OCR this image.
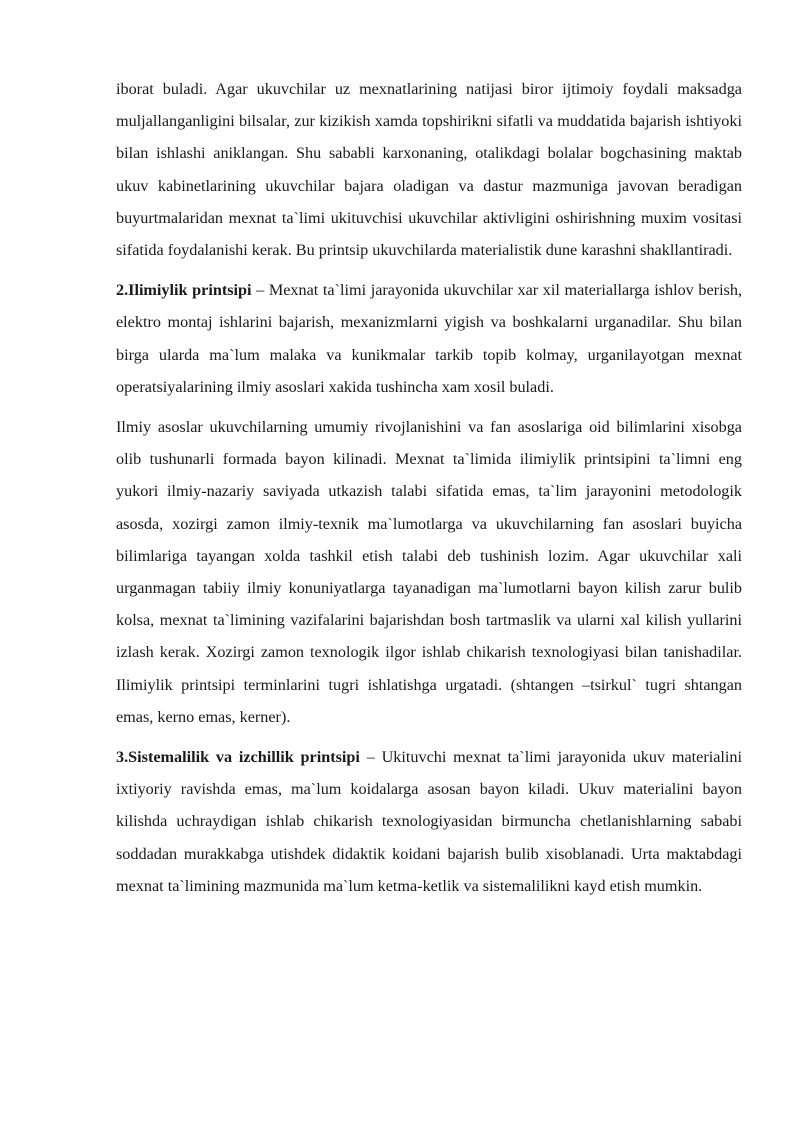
iborat buladi. Agar ukuvchilar uz mexnatlarining natijasi biror ijtimoiy foydali maksadga muljallanganligini bilsalar, zur kizikish xamda topshirikni sifatli va muddatida bajarish ishtiyoki bilan ishlashi aniklangan. Shu sababli karxonaning, otalikdagi bolalar bogchasining maktab ukuv kabinetlarining ukuvchilar bajara oladigan va dastur mazmuniga javovan beradigan buyurtmalaridan mexnat ta`limi ukituvchisi ukuvchilar aktivligini oshirishning muxim vositasi sifatida foydalanishi kerak. Bu printsip ukuvchilarda materialistik dune karashni shakllantiradi.

2.Ilimiylik printsipi – Mexnat ta`limi jarayonida ukuvchilar xar xil materiallarga ishlov berish, elektro montaj ishlarini bajarish, mexanizmlarni yigish va boshkalarni urganadilar. Shu bilan birga ularda ma`lum malaka va kunikmalar tarkib topib kolmay, urganilayotgan mexnat operatsiyalarining ilmiy asoslari xakida tushincha xam xosil buladi.

Ilmiy asoslar ukuvchilarning umumiy rivojlanishini va fan asoslariga oid bilimlarini xisobga olib tushunarli formada bayon kilinadi. Mexnat ta`limida ilimiylik printsipini ta`limni eng yukori ilmiy-nazariy saviyada utkazish talabi sifatida emas, ta`lim jarayonini metodologik asosda, xozirgi zamon ilmiy-texnik ma`lumotlarga va ukuvchilarning fan asoslari buyicha bilimlariga tayangan xolda tashkil etish talabi deb tushinish lozim. Agar ukuvchilar xali urganmagan tabiiy ilmiy konuniyatlarga tayanadigan ma`lumotlarni bayon kilish zarur bulib kolsa, mexnat ta`limining vazifalarini bajarishdan bosh tartmaslik va ularni xal kilish yullarini izlash kerak. Xozirgi zamon texnologik ilgor ishlab chikarish texnologiyasi bilan tanishadilar. Ilimiylik printsipi terminlarini tugri ishlatishga urgatadi. (shtangen –tsirkul` tugri shtangan emas, kerno emas, kerner).

3.Sistemalilik va izchillik printsipi – Ukituvchi mexnat ta`limi jarayonida ukuv materialini ixtiyoriy ravishda emas, ma`lum koidalarga asosan bayon kiladi. Ukuv materialini bayon kilishda uchraydigan ishlab chikarish texnologiyasidan birmuncha chetlanishlarning sababi soddadan murakkabga utishdek didaktik koidani bajarish bulib xisoblanadi. Urta maktabdagi mexnat ta`limining mazmunida ma`lum ketma-ketlik va sistemalilikni kayd etish mumkin.
